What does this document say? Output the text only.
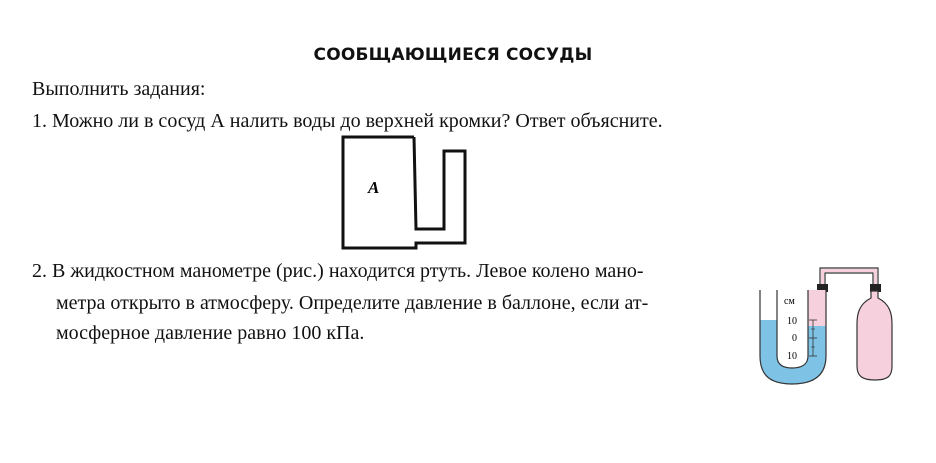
СООБЩАЮЩИЕСЯ СОСУДЫ
Выполнить задания:
1. Можно ли в сосуд А налить воды до верхней кромки? Ответ объясните.
А
2. В жидкостном манометре (рис.) находится ртуть. Левое колено мано-
метра открыто в атмосферу. Определите давление в баллоне, если ат-
мосферное давление равно 100 кПа.
см
10
0
10
